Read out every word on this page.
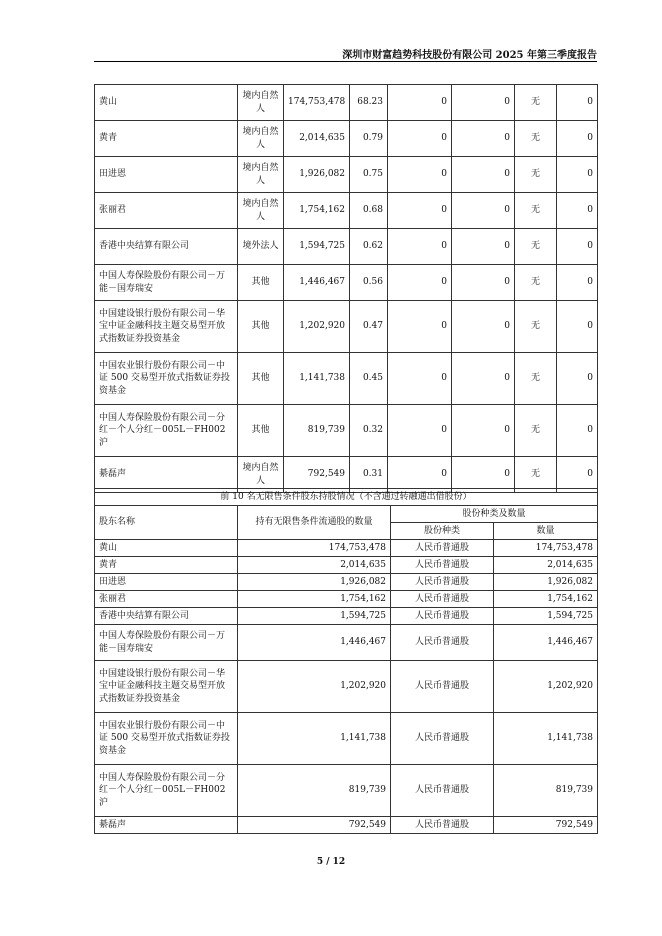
深圳市财富趋势科技股份有限公司 2025 年第三季度报告
黄山	境内自然人	174,753,478	68.23	0	0	无	0
黄青	境内自然人	2,014,635	0.79	0	0	无	0
田进恩	境内自然人	1,926,082	0.75	0	0	无	0
张丽君	境内自然人	1,754,162	0.68	0	0	无	0
香港中央结算有限公司	境外法人	1,594,725	0.62	0	0	无	0
中国人寿保险股份有限公司－万能－国寿瑞安	其他	1,446,467	0.56	0	0	无	0
中国建设银行股份有限公司－华宝中证金融科技主题交易型开放式指数证券投资基金	其他	1,202,920	0.47	0	0	无	0
中国农业银行股份有限公司－中证 500 交易型开放式指数证券投资基金	其他	1,141,738	0.45	0	0	无	0
中国人寿保险股份有限公司－分红－个人分红－005L－FH002 沪	其他	819,739	0.32	0	0	无	0
綦磊声	境内自然人	792,549	0.31	0	0	无	0
前 10 名无限售条件股东持股情况（不含通过转融通出借股份）			
股东名称	持有无限售条件流通股的数量	股份种类及数量	
		股份种类	数量
黄山	174,753,478	人民币普通股	174,753,478
黄青	2,014,635	人民币普通股	2,014,635
田进恩	1,926,082	人民币普通股	1,926,082
张丽君	1,754,162	人民币普通股	1,754,162
香港中央结算有限公司	1,594,725	人民币普通股	1,594,725
中国人寿保险股份有限公司－万能－国寿瑞安	1,446,467	人民币普通股	1,446,467
中国建设银行股份有限公司－华宝中证金融科技主题交易型开放式指数证券投资基金	1,202,920	人民币普通股	1,202,920
中国农业银行股份有限公司－中证 500 交易型开放式指数证券投资基金	1,141,738	人民币普通股	1,141,738
中国人寿保险股份有限公司－分红－个人分红－005L－FH002 沪	819,739	人民币普通股	819,739
綦磊声	792,549	人民币普通股	792,549
5 / 12
